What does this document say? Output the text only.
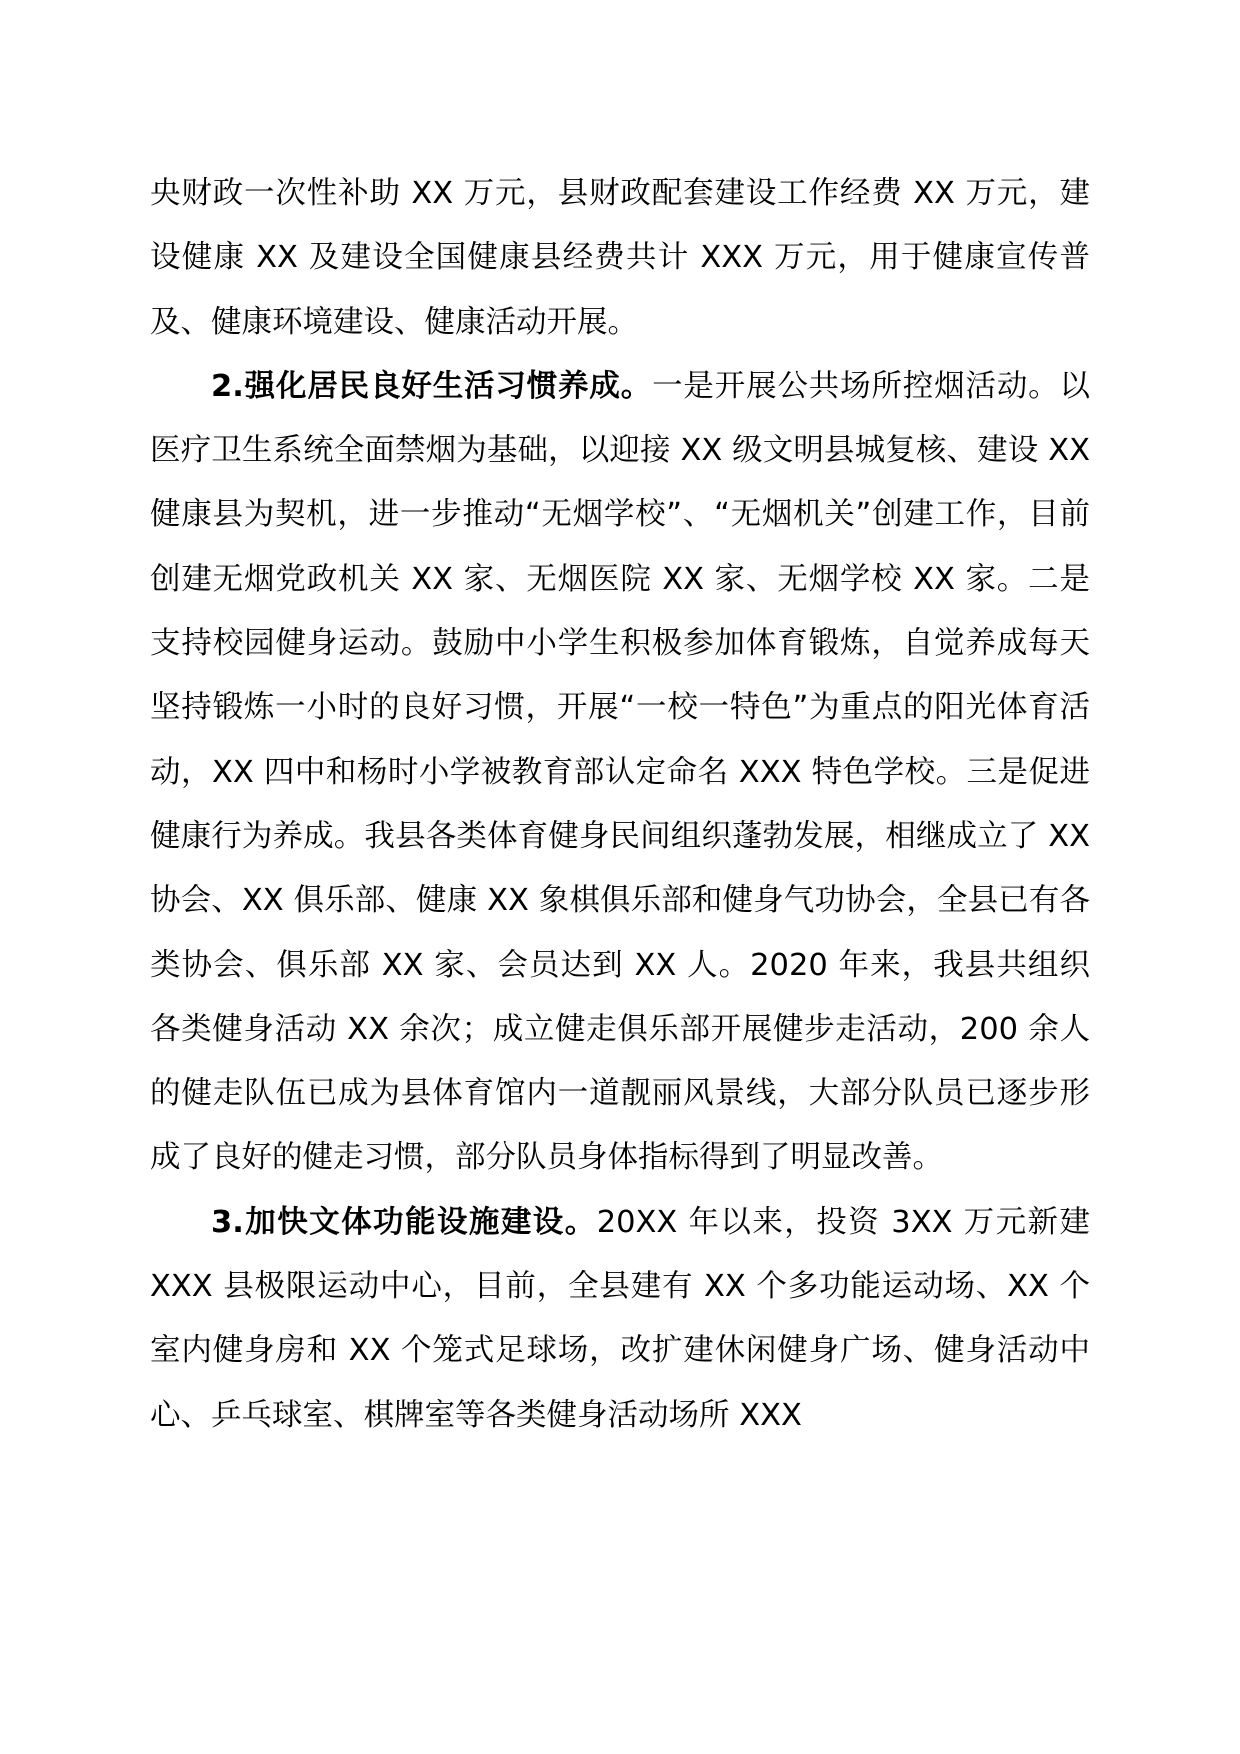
央财政一次性补助 XX 万元，县财政配套建设工作经费 XX 万元，建设健康 XX 及建设全国健康县经费共计 XXX 万元，用于健康宣传普及、健康环境建设、健康活动开展。

2.强化居民良好生活习惯养成。一是开展公共场所控烟活动。以医疗卫生系统全面禁烟为基础，以迎接 XX 级文明县城复核、建设 XX 健康县为契机，进一步推动“无烟学校”、“无烟机关”创建工作，目前创建无烟党政机关 XX 家、无烟医院 XX 家、无烟学校 XX 家。二是支持校园健身运动。鼓励中小学生积极参加体育锻炼，自觉养成每天坚持锻炼一小时的良好习惯，开展“一校一特色”为重点的阳光体育活动，XX 四中和杨时小学被教育部认定命名 XXX 特色学校。三是促进健康行为养成。我县各类体育健身民间组织蓬勃发展，相继成立了 XX 协会、XX 俱乐部、健康 XX 象棋俱乐部和健身气功协会，全县已有各类协会、俱乐部 XX 家、会员达到 XX 人。2020 年来，我县共组织各类健身活动 XX 余次；成立健走俱乐部开展健步走活动，200 余人的健走队伍已成为县体育馆内一道靓丽风景线，大部分队员已逐步形成了良好的健走习惯，部分队员身体指标得到了明显改善。

3.加快文体功能设施建设。20XX 年以来，投资 3XX 万元新建 XXX 县极限运动中心，目前，全县建有 XX 个多功能运动场、XX 个室内健身房和 XX 个笼式足球场，改扩建休闲健身广场、健身活动中心、乒乓球室、棋牌室等各类健身活动场所 XXX
